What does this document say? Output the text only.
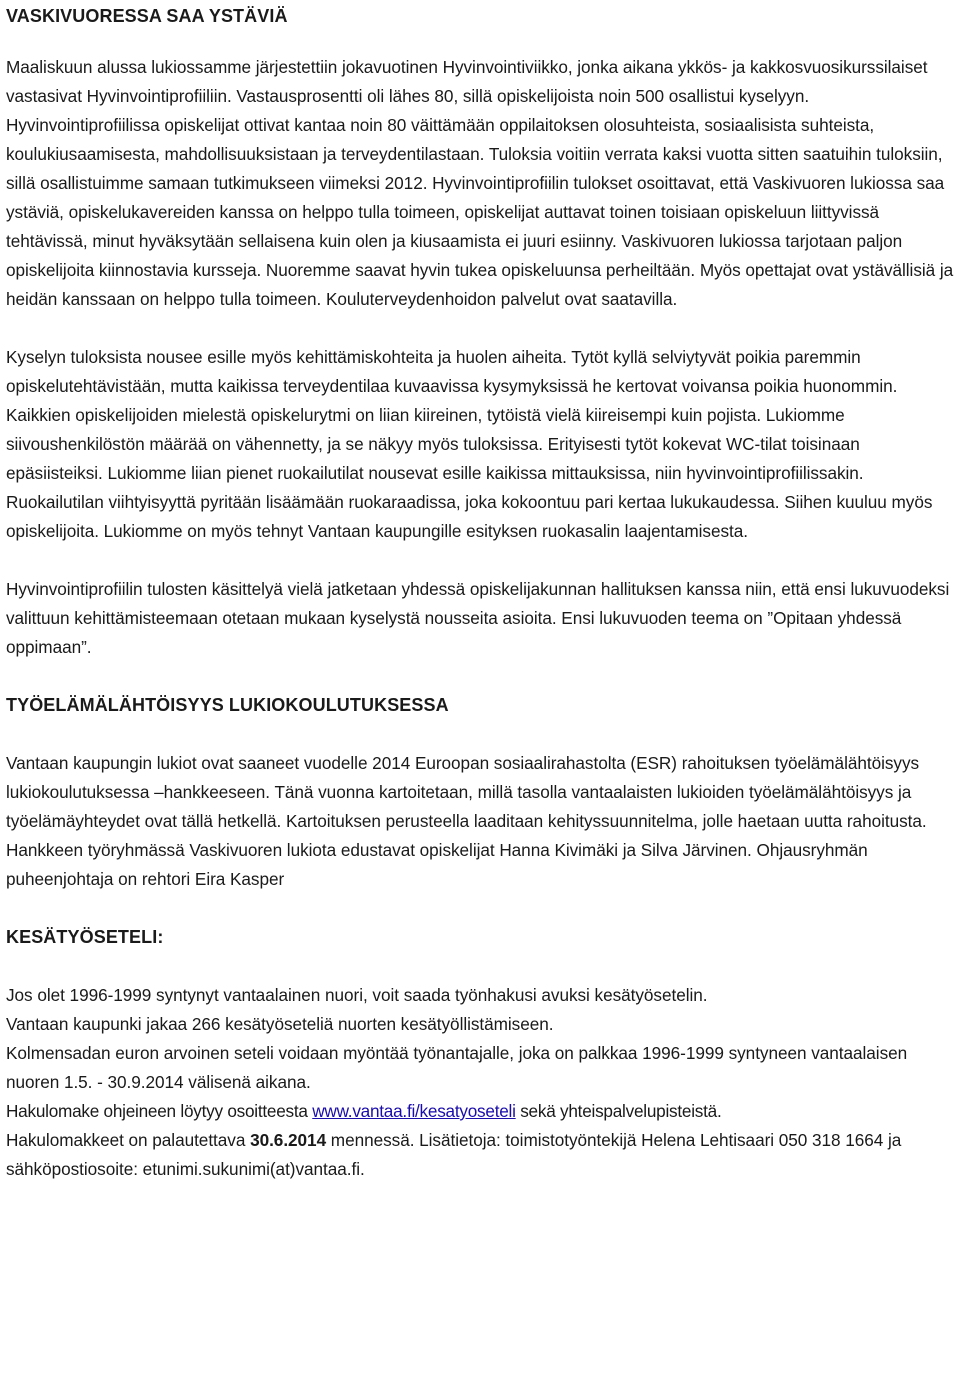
VASKIVUORESSA SAA YSTÄVIÄ

Maaliskuun alussa lukiossamme järjestettiin jokavuotinen Hyvinvointiviikko, jonka aikana ykkös- ja kakkosvuosikurssilaiset vastasivat Hyvinvointiprofiiliin. Vastausprosentti oli lähes 80, sillä opiskelijoista noin 500 osallistui kyselyyn. Hyvinvointiprofiilissa opiskelijat ottivat kantaa noin 80 väittämään oppilaitoksen olosuhteista, sosiaalisista suhteista, koulukiusaamisesta, mahdollisuuksistaan ja terveydentilastaan. Tuloksia voitiin verrata kaksi vuotta sitten saatuihin tuloksiin, sillä osallistuimme samaan tutkimukseen viimeksi 2012. Hyvinvointiprofiilin tulokset osoittavat, että Vaskivuoren lukiossa saa ystäviä, opiskelukavereiden kanssa on helppo tulla toimeen, opiskelijat auttavat toinen toisiaan opiskeluun liittyvissä tehtävissä, minut hyväksytään sellaisena kuin olen ja kiusaamista ei juuri esiinny. Vaskivuoren lukiossa tarjotaan paljon opiskelijoita kiinnostavia kursseja. Nuoremme saavat hyvin tukea opiskeluunsa perheiltään. Myös opettajat ovat ystävällisiä ja heidän kanssaan on helppo tulla toimeen. Kouluterveydenhoidon palvelut ovat saatavilla.

Kyselyn tuloksista nousee esille myös kehittämiskohteita ja huolen aiheita. Tytöt kyllä selviytyvät poikia paremmin opiskelutehtävistään, mutta kaikissa terveydentilaa kuvaavissa kysymyksissä he kertovat voivansa poikia huonommin. Kaikkien opiskelijoiden mielestä opiskelurytmi on liian kiireinen, tytöistä vielä kiireisempi kuin pojista. Lukiomme siivoushenkilöstön määrää on vähennetty, ja se näkyy myös tuloksissa. Erityisesti tytöt kokevat WC-tilat toisinaan epäsiisteiksi. Lukiomme liian pienet ruokailutilat nousevat esille kaikissa mittauksissa, niin hyvinvointiprofiilissakin. Ruokailutilan viihtyisyyttä pyritään lisäämään ruokaraadissa, joka kokoontuu pari kertaa lukukaudessa. Siihen kuuluu myös opiskelijoita. Lukiomme on myös tehnyt Vantaan kaupungille esityksen ruokasalin laajentamisesta.

Hyvinvointiprofiilin tulosten käsittelyä vielä jatketaan yhdessä opiskelijakunnan hallituksen kanssa niin, että ensi lukuvuodeksi valittuun kehittämisteemaan otetaan mukaan kyselystä nousseita asioita. Ensi lukuvuoden teema on ”Opitaan yhdessä oppimaan”.

TYÖELÄMÄLÄHTÖISYYS LUKIOKOULUTUKSESSA

Vantaan kaupungin lukiot ovat saaneet vuodelle 2014 Euroopan sosiaalirahastolta (ESR) rahoituksen työelämälähtöisyys lukiokoulutuksessa –hankkeeseen. Tänä vuonna kartoitetaan, millä tasolla vantaalaisten lukioiden työelämälähtöisyys ja työelämäyhteydet ovat tällä hetkellä. Kartoituksen perusteella laaditaan kehityssuunnitelma, jolle haetaan uutta rahoitusta. Hankkeen työryhmässä Vaskivuoren lukiota edustavat opiskelijat Hanna Kivimäki ja Silva Järvinen. Ohjausryhmän puheenjohtaja on rehtori Eira Kasper

KESÄTYÖSETELI:

Jos olet 1996-1999 syntynyt vantaalainen nuori, voit saada työnhakusi avuksi kesätyösetelin.

Vantaan kaupunki jakaa 266 kesätyöseteliä nuorten kesätyöllistämiseen.

Kolmensadan euron arvoinen seteli voidaan myöntää työnantajalle, joka on palkkaa 1996-1999 syntyneen vantaalaisen nuoren 1.5. - 30.9.2014 välisenä aikana.

Hakulomake ohjeineen löytyy osoitteesta www.vantaa.fi/kesatyoseteli sekä yhteispalvelupisteistä.

Hakulomakkeet on palautettava 30.6.2014 mennessä. Lisätietoja: toimistotyöntekijä Helena Lehtisaari 050 318 1664 ja sähköpostiosoite: etunimi.sukunimi(at)vantaa.fi.
